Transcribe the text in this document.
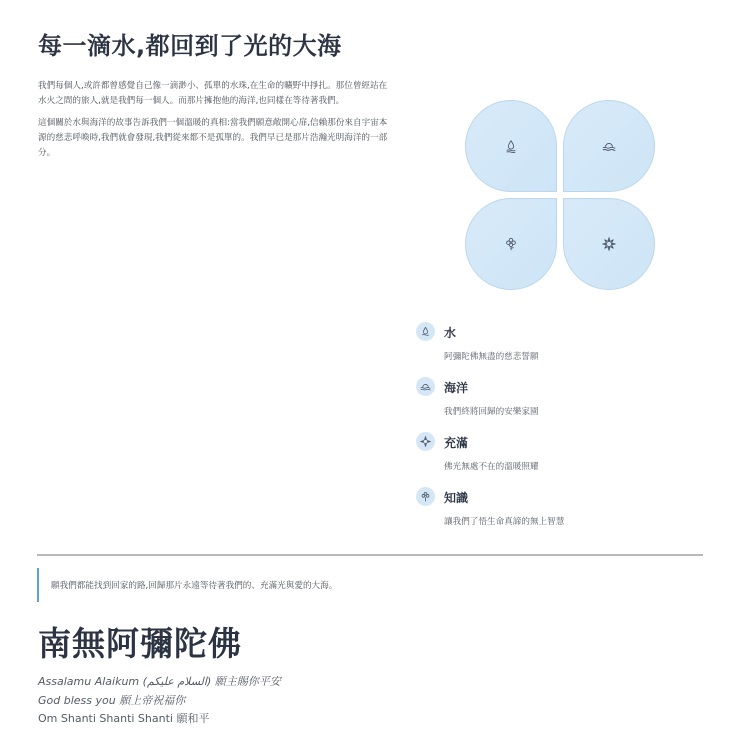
每一滴水,都回到了光的大海

我們每個人,或許都曾感覺自己像一滴渺小、孤單的水珠,在生命的曠野中掙扎。那位曾經站在水火之間的旅人,就是我們每一個人。而那片擁抱他的海洋,也同樣在等待著我們。

這個關於水與海洋的故事告訴我們一個溫暖的真相:當我們願意敞開心扉,信賴那份來自宇宙本源的慈悲呼喚時,我們就會發現,我們從來都不是孤單的。我們早已是那片浩瀚光明海洋的一部分。

水
阿彌陀佛無盡的慈悲誓願
海洋
我們終將回歸的安樂家園
充滿
佛光無處不在的溫暖照耀
知識
讓我們了悟生命真諦的無上智慧
願我們都能找到回家的路,回歸那片永遠等待著我們的、充滿光與愛的大海。
南無阿彌陀佛
Assalamu Alaikum (السلام عليكم) 願主賜你平安
God bless you 願上帝祝福你
Om Shanti Shanti Shanti 願和平
